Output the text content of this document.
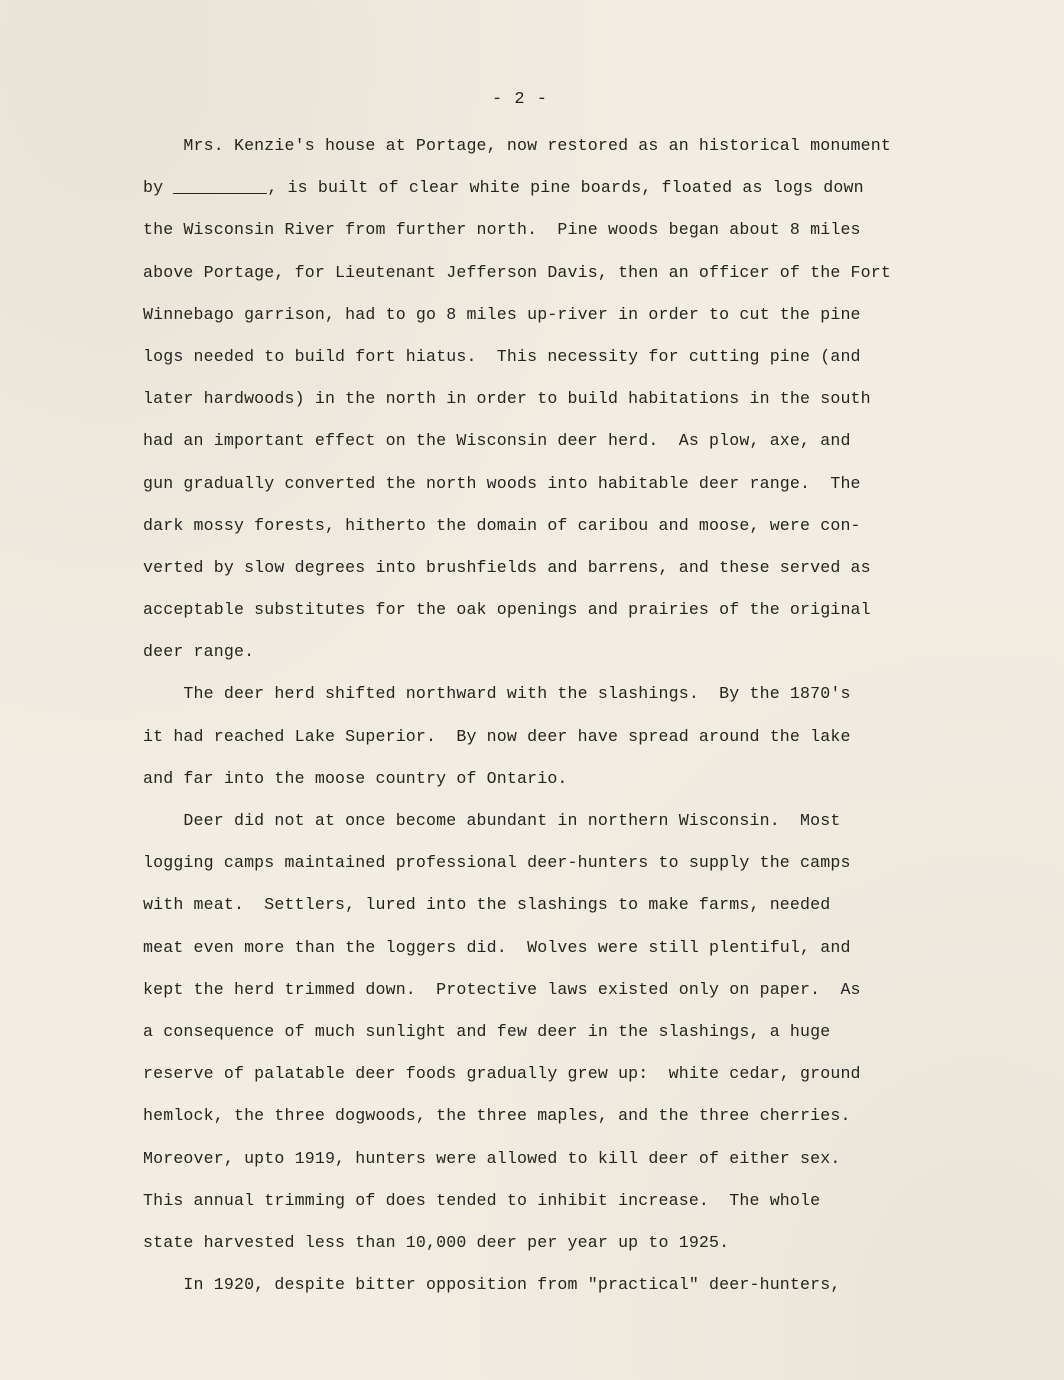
- 2 -
Mrs. Kenzie's house at Portage, now restored as an historical monument
by	, is built of clear white pine boards, floated as logs down
the Wisconsin River from further north.  Pine woods began about 8 miles
above Portage, for Lieutenant Jefferson Davis, then an officer of the Fort
Winnebago garrison, had to go 8 miles up-river in order to cut the pine
logs needed to build fort hiatus.  This necessity for cutting pine (and
later hardwoods) in the north in order to build habitations in the south
had an important effect on the Wisconsin deer herd.  As plow, axe, and
gun gradually converted the north woods into habitable deer range.  The
dark mossy forests, hitherto the domain of caribou and moose, were con-
verted by slow degrees into brushfields and barrens, and these served as
acceptable substitutes for the oak openings and prairies of the original
deer range.
The deer herd shifted northward with the slashings.  By the 1870's
it had reached Lake Superior.  By now deer have spread around the lake
and far into the moose country of Ontario.
Deer did not at once become abundant in northern Wisconsin.  Most
logging camps maintained professional deer-hunters to supply the camps
with meat.  Settlers, lured into the slashings to make farms, needed
meat even more than the loggers did.  Wolves were still plentiful, and
kept the herd trimmed down.  Protective laws existed only on paper.  As
a consequence of much sunlight and few deer in the slashings, a huge
reserve of palatable deer foods gradually grew up:  white cedar, ground
hemlock, the three dogwoods, the three maples, and the three cherries.
Moreover, upto 1919, hunters were allowed to kill deer of either sex.
This annual trimming of does tended to inhibit increase.  The whole
state harvested less than 10,000 deer per year up to 1925.
In 1920, despite bitter opposition from "practical" deer-hunters,
